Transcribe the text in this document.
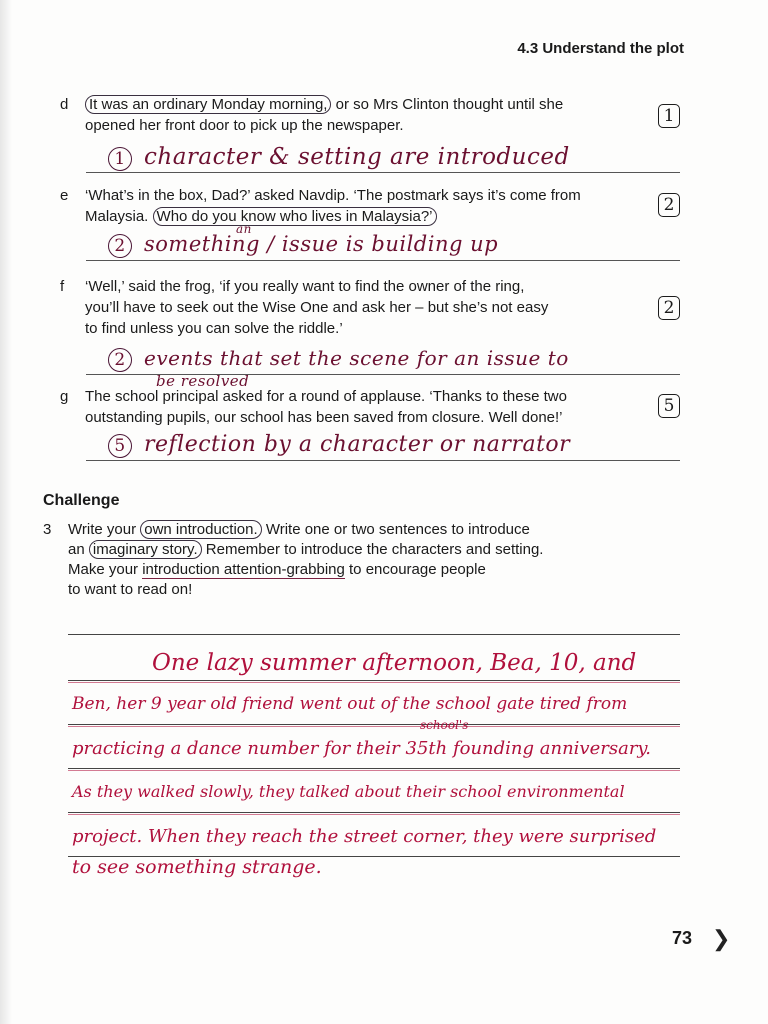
4.3 Understand the plot
d	It was an ordinary Monday morning, or so Mrs Clinton thought until she
opened her front door to pick up the newspaper.	1
1 character & setting are introduced
e	‘What’s in the box, Dad?’ asked Navdip. ‘The postmark says it’s come from
Malaysia. Who do you know who lives in Malaysia?’
2
2 something / issue is building up
an
f	‘Well,’ said the frog, ‘if you really want to find the owner of the ring,
you’ll have to seek out the Wise One and ask her – but she’s not easy
to find unless you can solve the riddle.’
2
2 events that set the scene for an issue to
be resolved
g	The school principal asked for a round of applause. ‘Thanks to these two
outstanding pupils, our school has been saved from closure. Well done!’
5
5 reflection by a character or narrator
Challenge
3 Write your own introduction. Write one or two sentences to introduce
an imaginary story. Remember to introduce the characters and setting.
Make your introduction attention-grabbing to encourage people
to want to read on!
One lazy summer afternoon, Bea, 10, and
Ben, her 9 year old friend went out of the school gate tired from
school's
practicing a dance number for their 35th founding anniversary.
As they walked slowly, they talked about their school environmental
project. When they reach the street corner, they were surprised
to see something strange.
73 ❯
